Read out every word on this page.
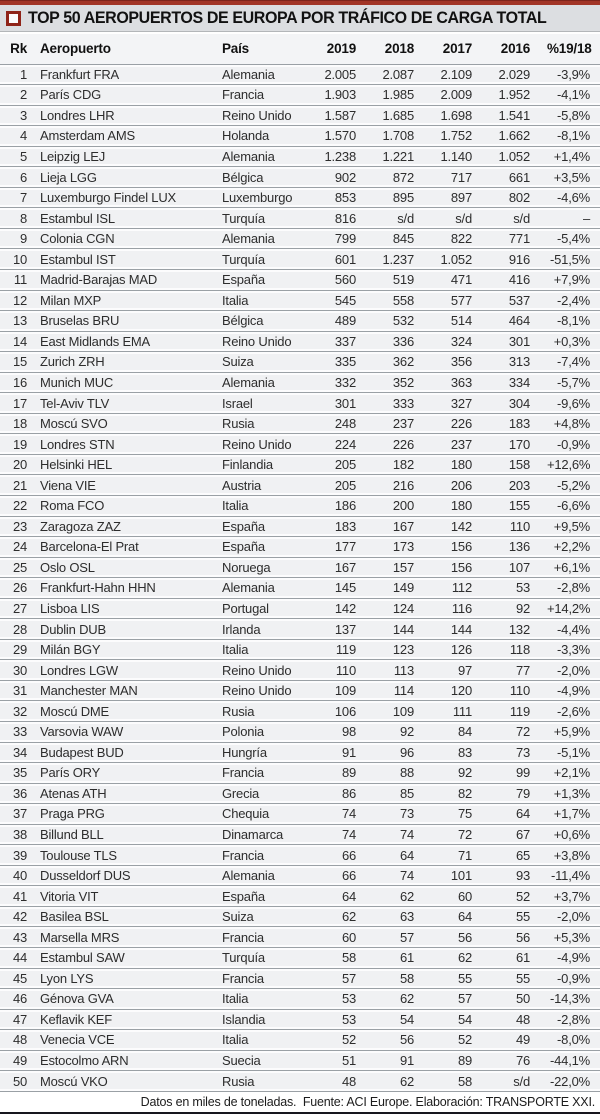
TOP 50 AEROPUERTOS DE EUROPA POR TRÁFICO DE CARGA TOTAL
Rk	Aeropuerto	País	2019	2018	2017	2016	%19/18
1	Frankfurt FRA	Alemania	2.005	2.087	2.109	2.029	-3,9%
2	París CDG	Francia	1.903	1.985	2.009	1.952	-4,1%
3	Londres LHR	Reino Unido	1.587	1.685	1.698	1.541	-5,8%
4	Amsterdam AMS	Holanda	1.570	1.708	1.752	1.662	-8,1%
5	Leipzig LEJ	Alemania	1.238	1.221	1.140	1.052	+1,4%
6	Lieja LGG	Bélgica	902	872	717	661	+3,5%
7	Luxemburgo Findel LUX	Luxemburgo	853	895	897	802	-4,6%
8	Estambul ISL	Turquía	816	s/d	s/d	s/d	–
9	Colonia CGN	Alemania	799	845	822	771	-5,4%
10	Estambul IST	Turquía	601	1.237	1.052	916	-51,5%
11	Madrid-Barajas MAD	España	560	519	471	416	+7,9%
12	Milan MXP	Italia	545	558	577	537	-2,4%
13	Bruselas BRU	Bélgica	489	532	514	464	-8,1%
14	East Midlands EMA	Reino Unido	337	336	324	301	+0,3%
15	Zurich ZRH	Suiza	335	362	356	313	-7,4%
16	Munich MUC	Alemania	332	352	363	334	-5,7%
17	Tel-Aviv TLV	Israel	301	333	327	304	-9,6%
18	Moscú SVO	Rusia	248	237	226	183	+4,8%
19	Londres STN	Reino Unido	224	226	237	170	-0,9%
20	Helsinki HEL	Finlandia	205	182	180	158	+12,6%
21	Viena VIE	Austria	205	216	206	203	-5,2%
22	Roma FCO	Italia	186	200	180	155	-6,6%
23	Zaragoza ZAZ	España	183	167	142	110	+9,5%
24	Barcelona-El Prat	España	177	173	156	136	+2,2%
25	Oslo OSL	Noruega	167	157	156	107	+6,1%
26	Frankfurt-Hahn HHN	Alemania	145	149	112	53	-2,8%
27	Lisboa LIS	Portugal	142	124	116	92	+14,2%
28	Dublin DUB	Irlanda	137	144	144	132	-4,4%
29	Milán BGY	Italia	119	123	126	118	-3,3%
30	Londres LGW	Reino Unido	110	113	97	77	-2,0%
31	Manchester MAN	Reino Unido	109	114	120	110	-4,9%
32	Moscú DME	Rusia	106	109	111	119	-2,6%
33	Varsovia WAW	Polonia	98	92	84	72	+5,9%
34	Budapest BUD	Hungría	91	96	83	73	-5,1%
35	París ORY	Francia	89	88	92	99	+2,1%
36	Atenas ATH	Grecia	86	85	82	79	+1,3%
37	Praga PRG	Chequia	74	73	75	64	+1,7%
38	Billund BLL	Dinamarca	74	74	72	67	+0,6%
39	Toulouse TLS	Francia	66	64	71	65	+3,8%
40	Dusseldorf DUS	Alemania	66	74	101	93	-11,4%
41	Vitoria VIT	España	64	62	60	52	+3,7%
42	Basilea BSL	Suiza	62	63	64	55	-2,0%
43	Marsella MRS	Francia	60	57	56	56	+5,3%
44	Estambul SAW	Turquía	58	61	62	61	-4,9%
45	Lyon LYS	Francia	57	58	55	55	-0,9%
46	Génova GVA	Italia	53	62	57	50	-14,3%
47	Keflavik KEF	Islandia	53	54	54	48	-2,8%
48	Venecia VCE	Italia	52	56	52	49	-8,0%
49	Estocolmo ARN	Suecia	51	91	89	76	-44,1%
50	Moscú VKO	Rusia	48	62	58	s/d	-22,0%
Datos en miles de toneladas.  Fuente: ACI Europe. Elaboración: TRANSPORTE XXI.
